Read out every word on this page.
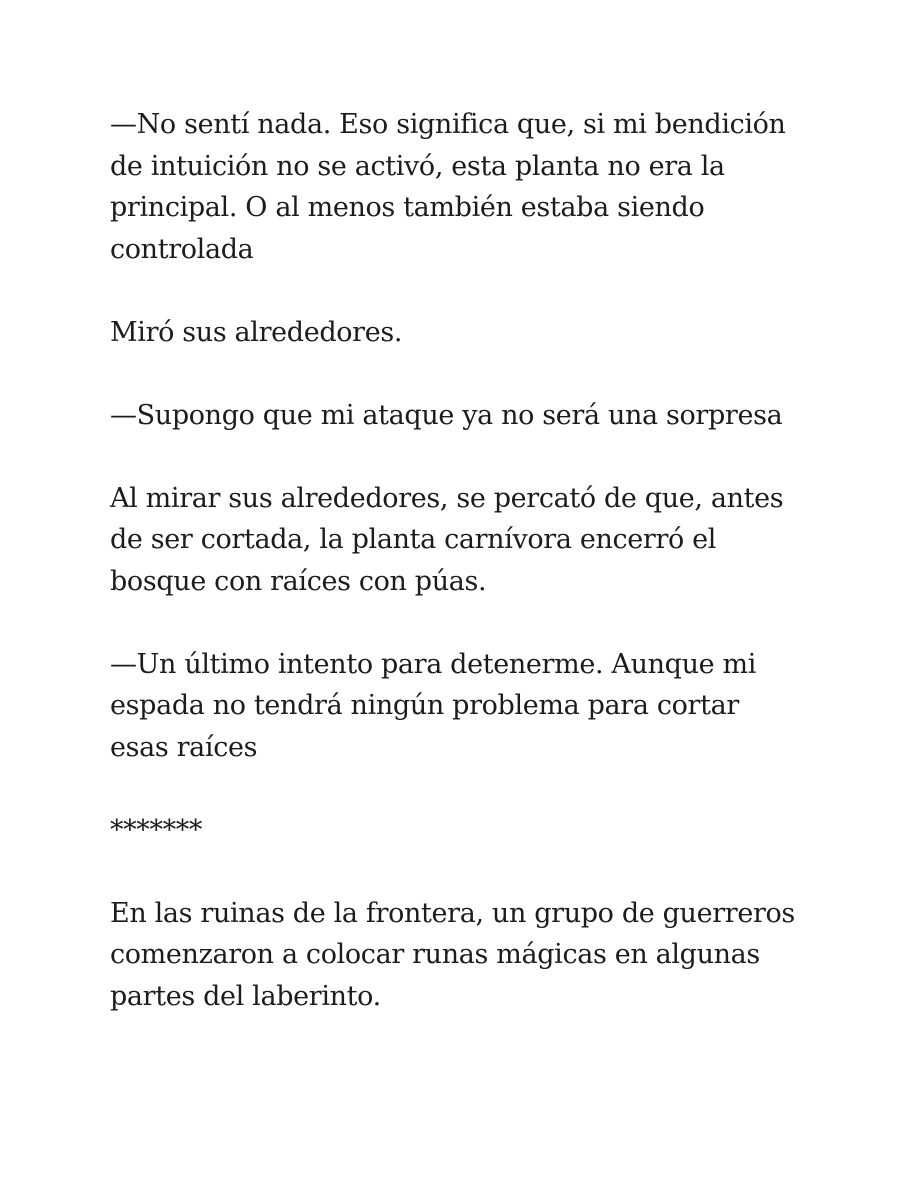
—No sentí nada. Eso significa que, si mi bendición de intuición no se activó, esta planta no era la principal. O al menos también estaba siendo controlada

Miró sus alrededores.

—Supongo que mi ataque ya no será una sorpresa

Al mirar sus alrededores, se percató de que, antes de ser cortada, la planta carnívora encerró el bosque con raíces con púas.

—Un último intento para detenerme. Aunque mi espada no tendrá ningún problema para cortar esas raíces

*******

En las ruinas de la frontera, un grupo de guerreros comenzaron a colocar runas mágicas en algunas partes del laberinto.
